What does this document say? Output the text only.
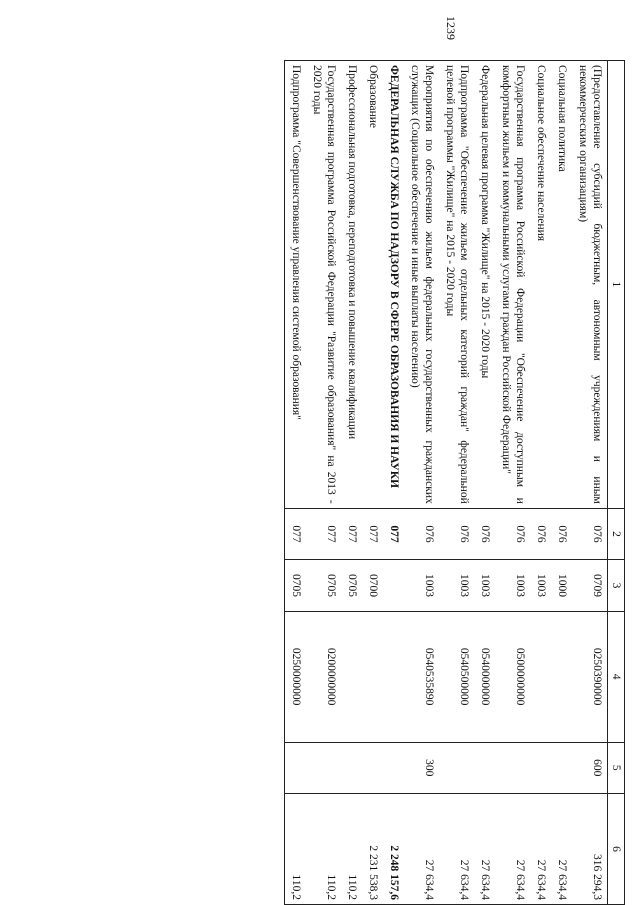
1239
1	2	3	4	5	6
(Предоставление субсидий бюджетным, автономным учреждениям и иным некоммерческим организациям)	076	0709	0250390000	600	316 294,3
Социальная политика	076	1000			27 634,4
Социальное обеспечение населения	076	1003			27 634,4
Государственная программа Российской Федерации "Обеспечение доступным и комфортным жильем и коммунальными услугами граждан Российской Федерации"	076	1003	0500000000		27 634,4
Федеральная целевая программа "Жилище" на 2015 - 2020 годы	076	1003	0540000000		27 634,4
Подпрограмма "Обеспечение жильем отдельных категорий граждан" федеральной целевой программы "Жилище" на 2015 - 2020 годы	076	1003	0540500000		27 634,4
Мероприятия по обеспечению жильем федеральных государственных гражданских служащих (Социальное обеспечение и иные выплаты населению)	076	1003	0540535890	300	27 634,4
ФЕДЕРАЛЬНАЯ СЛУЖБА ПО НАДЗОРУ В СФЕРЕ ОБРАЗОВАНИЯ И НАУКИ	077				2 248 157,6
Образование	077	0700			2 231 538,3
Профессиональная подготовка, переподготовка и повышение квалификации	077	0705			110,2
Государственная программа Российской Федерации "Развитие образования" на 2013 - 2020 годы	077	0705	0200000000		110,2
Подпрограмма "Совершенствование управления системой образования"	077	0705	0250000000		110,2
